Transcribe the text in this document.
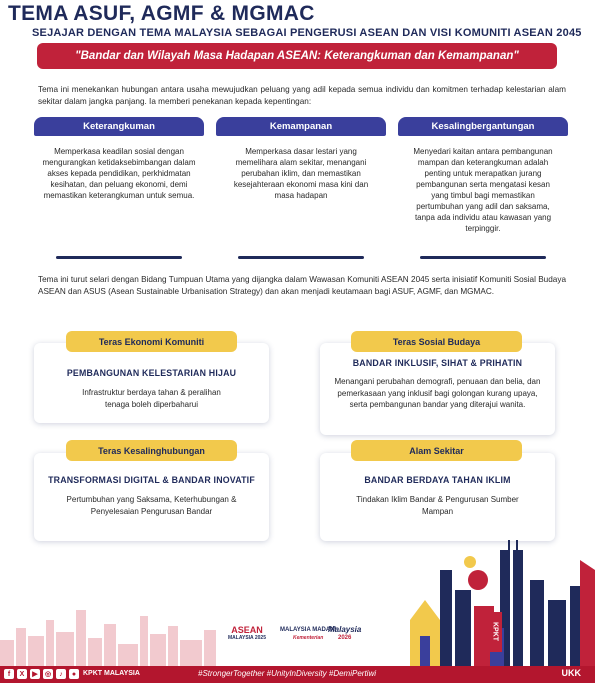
TEMA ASUF, AGMF & MGMAC
SEJAJAR DENGAN TEMA MALAYSIA SEBAGAI PENGERUSI ASEAN DAN VISI KOMUNITI ASEAN 2045
"Bandar dan Wilayah Masa Hadapan ASEAN: Keterangkuman dan Kemampanan"

Tema ini menekankan hubungan antara usaha mewujudkan peluang yang adil kepada semua individu dan komitmen terhadap kelestarian alam sekitar dalam jangka panjang. Ia memberi penekanan kepada kepentingan:

Keterangkuman
Memperkasa keadilan sosial dengan mengurangkan ketidaksebimbangan dalam akses kepada pendidikan, perkhidmatan kesihatan, dan peluang ekonomi, demi memastikan keterangkuman untuk semua.
Kemampanan
Memperkasa dasar lestari yang memelihara alam sekitar, menangani perubahan iklim, dan memastikan kesejahteraan ekonomi masa kini dan masa hadapan
Kesalingbergantungan
Menyedari kaitan antara pembangunan mampan dan keterangkuman adalah penting untuk merapatkan jurang pembangunan serta mengatasi kesan yang timbul bagi memastikan pertumbuhan yang adil dan saksama, tanpa ada individu atau kawasan yang terpinggir.

Tema ini turut selari dengan Bidang Tumpuan Utama yang dijangka dalam Wawasan Komuniti ASEAN 2045 serta inisiatif Komuniti Sosial Budaya ASEAN dan ASUS (Asean Sustainable Urbanisation Strategy) dan akan menjadi keutamaan bagi ASUF, AGMF, dan MGMAC.

PEMBANGUNAN KELESTARIAN HIJAU
Infrastruktur berdaya tahan & peralihan tenaga boleh diperbaharui
Teras Ekonomi Komuniti
BANDAR INKLUSIF, SIHAT & PRIHATIN
Menangani perubahan demografi, penuaan dan belia, dan pemerkasaan yang inklusif bagi golongan kurang upaya, serta pembangunan bandar yang diterajui wanita.
Teras Sosial Budaya
TRANSFORMASI DIGITAL & BANDAR INOVATIF
Pertumbuhan yang Saksama, Keterhubungan & Penyelesaian Pengurusan Bandar
Teras Kesalinghubungan
BANDAR BERDAYA TAHAN IKLIM
Tindakan Iklim Bandar & Pengurusan Sumber Mampan
Alam Sekitar
ASEAN
MALAYSIA 2025
MALAYSIA MADANI
Kementerian
Malaysia
2026	KPKT
f	X	▶	◎	♪	● KPKT MALAYSIA	#StrongerTogether #UnityInDiversity #DemiPertiwi	UKK
